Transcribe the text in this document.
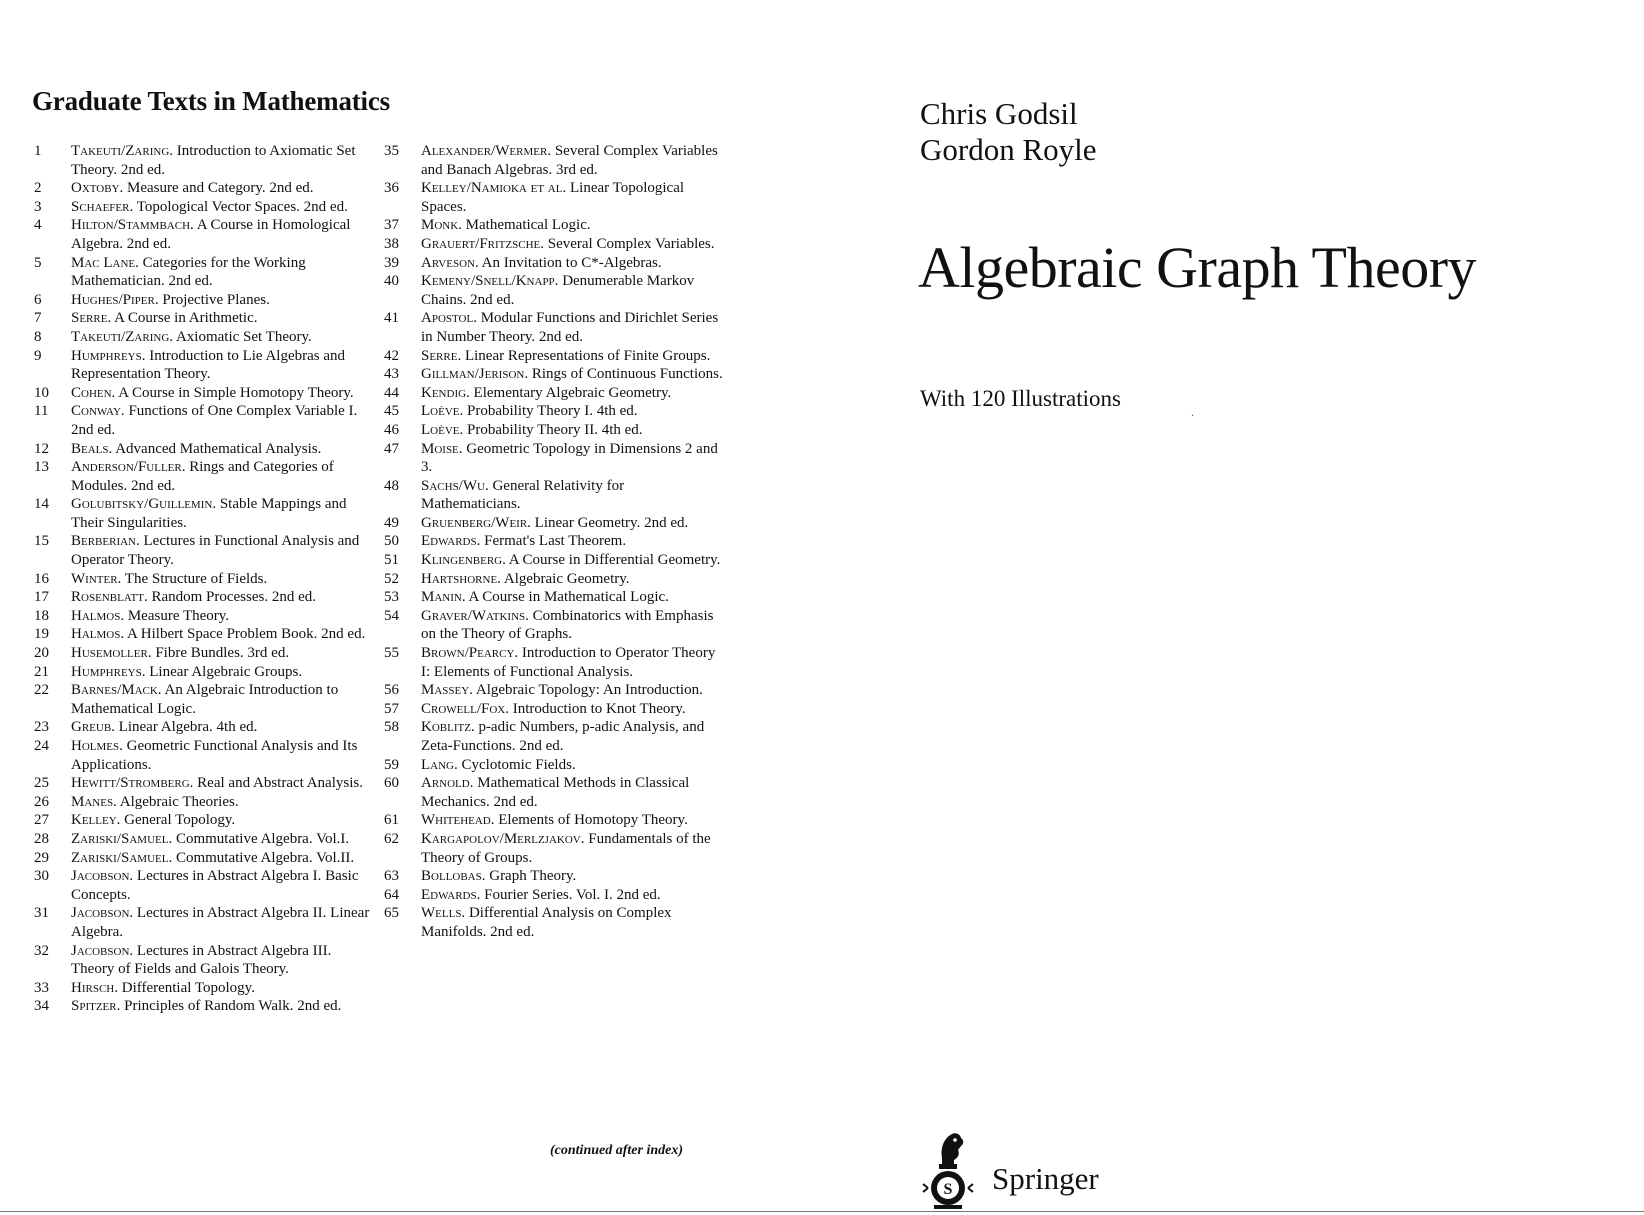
Graduate Texts in Mathematics
1	Takeuti/Zaring. Introduction to Axiomatic Set Theory. 2nd ed.
2	Oxtoby. Measure and Category. 2nd ed.
3	Schaefer. Topological Vector Spaces. 2nd ed.
4	Hilton/Stammbach. A Course in Homological Algebra. 2nd ed.
5	Mac Lane. Categories for the Working Mathematician. 2nd ed.
6	Hughes/Piper. Projective Planes.
7	Serre. A Course in Arithmetic.
8	Takeuti/Zaring. Axiomatic Set Theory.
9	Humphreys. Introduction to Lie Algebras and Representation Theory.
10	Cohen. A Course in Simple Homotopy Theory.
11	Conway. Functions of One Complex Variable I. 2nd ed.
12	Beals. Advanced Mathematical Analysis.
13	Anderson/Fuller. Rings and Categories of Modules. 2nd ed.
14	Golubitsky/Guillemin. Stable Mappings and Their Singularities.
15	Berberian. Lectures in Functional Analysis and Operator Theory.
16	Winter. The Structure of Fields.
17	Rosenblatt. Random Processes. 2nd ed.
18	Halmos. Measure Theory.
19	Halmos. A Hilbert Space Problem Book. 2nd ed.
20	Husemoller. Fibre Bundles. 3rd ed.
21	Humphreys. Linear Algebraic Groups.
22	Barnes/Mack. An Algebraic Introduction to Mathematical Logic.
23	Greub. Linear Algebra. 4th ed.
24	Holmes. Geometric Functional Analysis and Its Applications.
25	Hewitt/Stromberg. Real and Abstract Analysis.
26	Manes. Algebraic Theories.
27	Kelley. General Topology.
28	Zariski/Samuel. Commutative Algebra. Vol.I.
29	Zariski/Samuel. Commutative Algebra. Vol.II.
30	Jacobson. Lectures in Abstract Algebra I. Basic Concepts.
31	Jacobson. Lectures in Abstract Algebra II. Linear Algebra.
32	Jacobson. Lectures in Abstract Algebra III. Theory of Fields and Galois Theory.
33	Hirsch. Differential Topology.
34	Spitzer. Principles of Random Walk. 2nd ed.
35	Alexander/Wermer. Several Complex Variables and Banach Algebras. 3rd ed.
36	Kelley/Namioka et al. Linear Topological Spaces.
37	Monk. Mathematical Logic.
38	Grauert/Fritzsche. Several Complex Variables.
39	Arveson. An Invitation to C*-Algebras.
40	Kemeny/Snell/Knapp. Denumerable Markov Chains. 2nd ed.
41	Apostol. Modular Functions and Dirichlet Series in Number Theory. 2nd ed.
42	Serre. Linear Representations of Finite Groups.
43	Gillman/Jerison. Rings of Continuous Functions.
44	Kendig. Elementary Algebraic Geometry.
45	Loève. Probability Theory I. 4th ed.
46	Loève. Probability Theory II. 4th ed.
47	Moise. Geometric Topology in Dimensions 2 and 3.
48	Sachs/Wu. General Relativity for Mathematicians.
49	Gruenberg/Weir. Linear Geometry. 2nd ed.
50	Edwards. Fermat's Last Theorem.
51	Klingenberg. A Course in Differential Geometry.
52	Hartshorne. Algebraic Geometry.
53	Manin. A Course in Mathematical Logic.
54	Graver/Watkins. Combinatorics with Emphasis on the Theory of Graphs.
55	Brown/Pearcy. Introduction to Operator Theory I: Elements of Functional Analysis.
56	Massey. Algebraic Topology: An Introduction.
57	Crowell/Fox. Introduction to Knot Theory.
58	Koblitz. p-adic Numbers, p-adic Analysis, and Zeta-Functions. 2nd ed.
59	Lang. Cyclotomic Fields.
60	Arnold. Mathematical Methods in Classical Mechanics. 2nd ed.
61	Whitehead. Elements of Homotopy Theory.
62	Kargapolov/Merlzjakov. Fundamentals of the Theory of Groups.
63	Bollobas. Graph Theory.
64	Edwards. Fourier Series. Vol. I. 2nd ed.
65	Wells. Differential Analysis on Complex Manifolds. 2nd ed.
(continued after index)
Chris Godsil
Gordon Royle
Algebraic Graph Theory
With 120 Illustrations
.
S Springer
